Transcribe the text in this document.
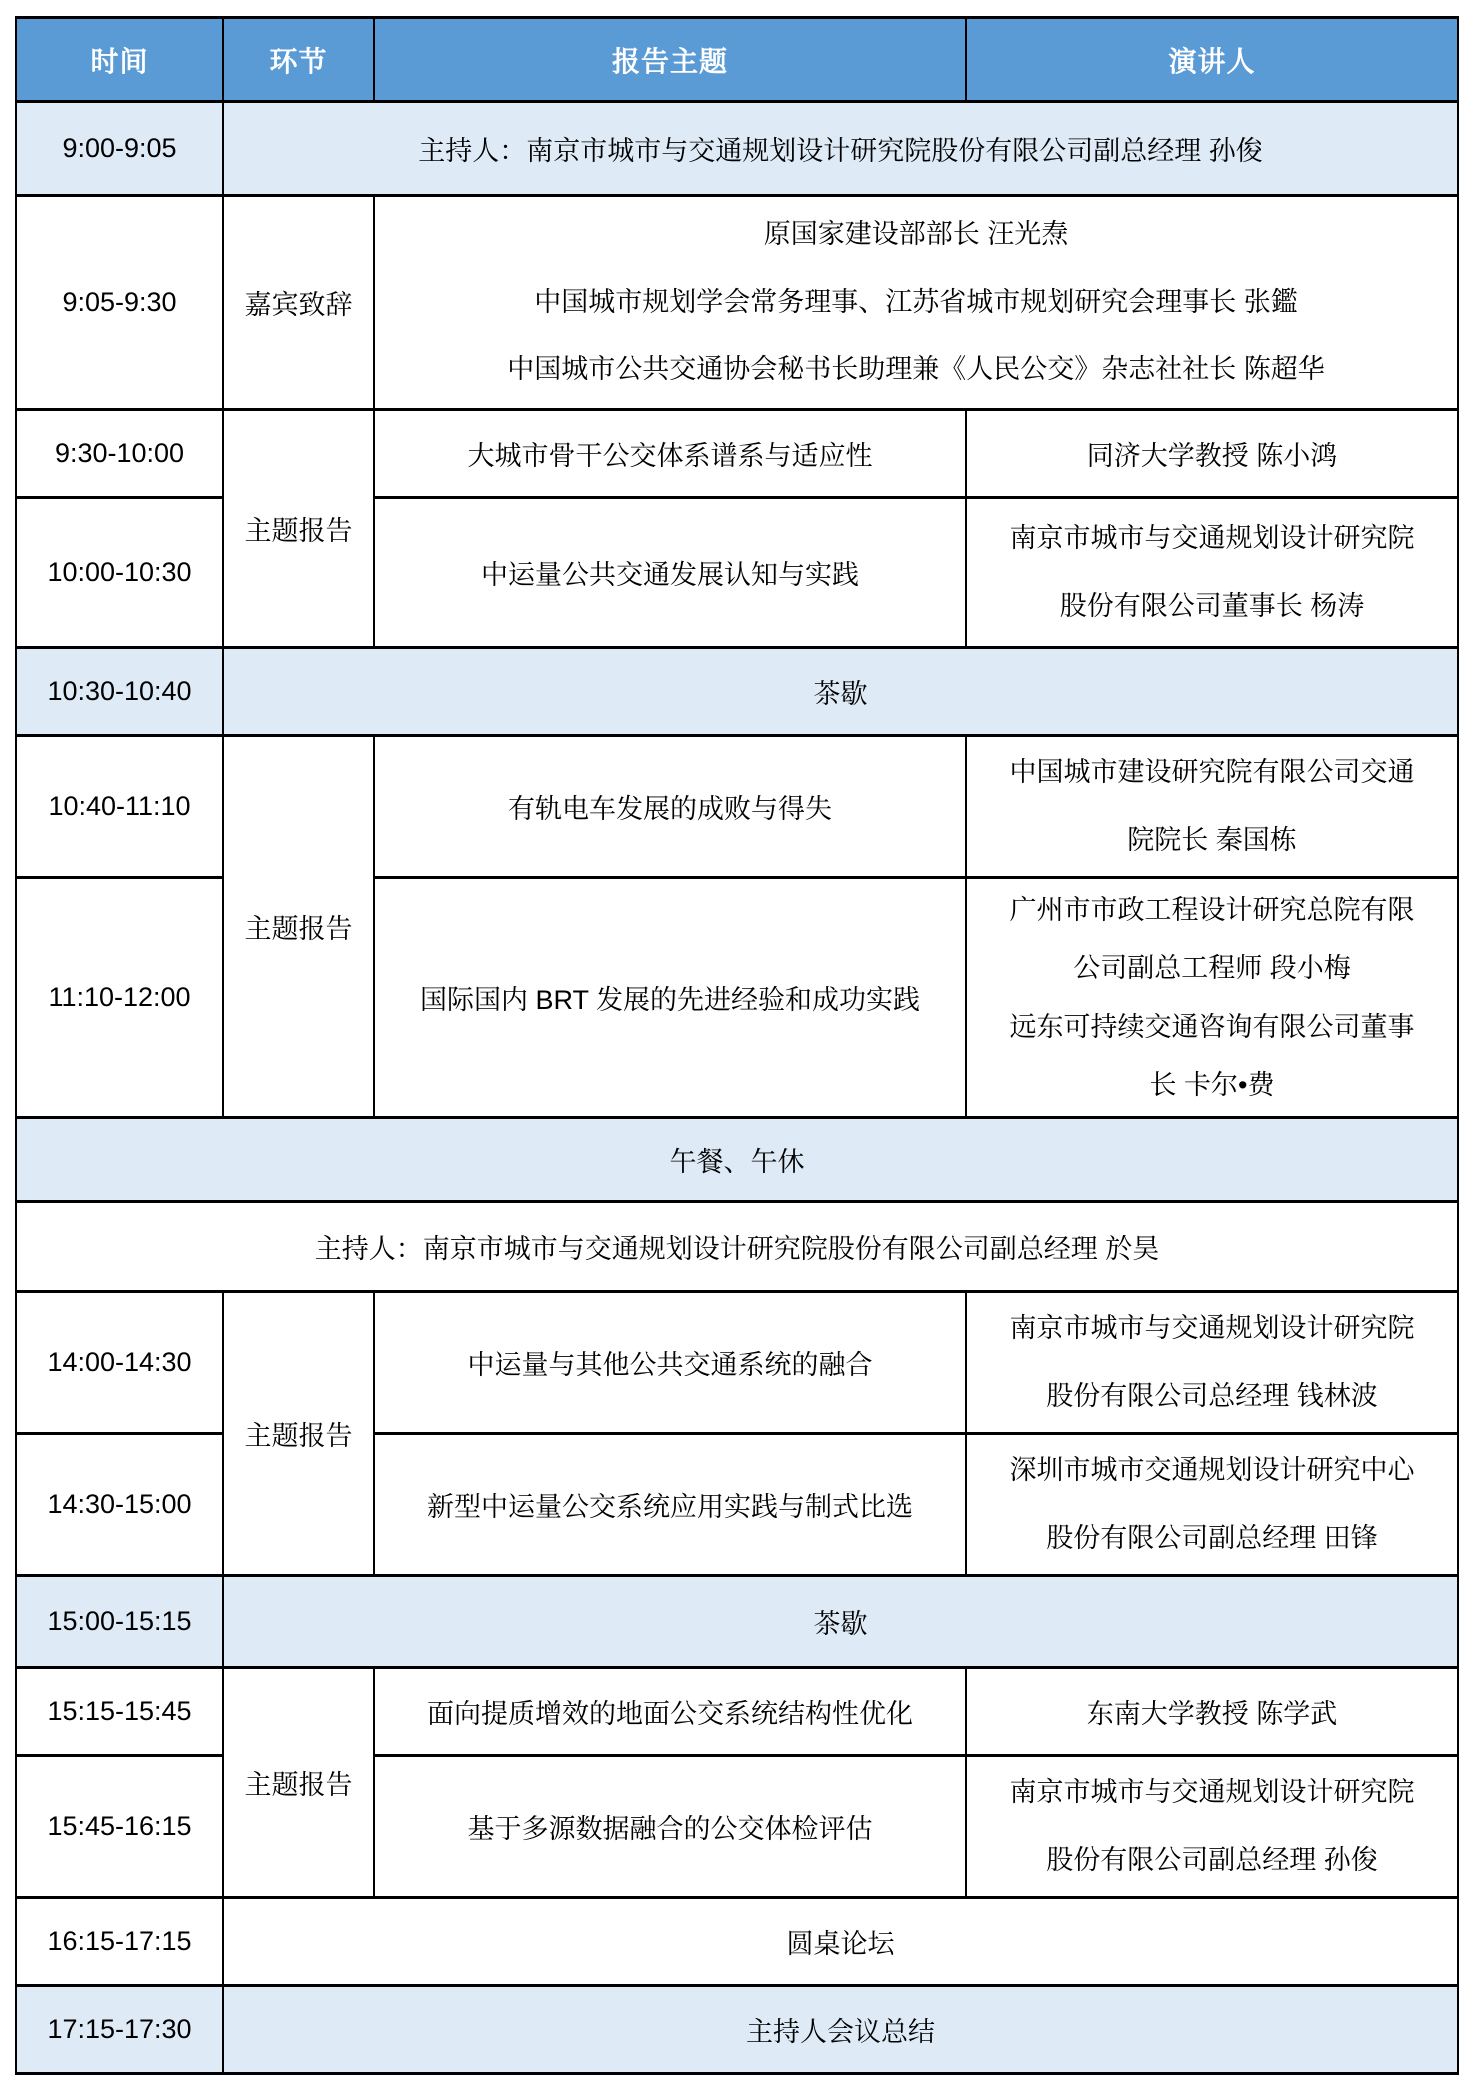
时间	环节	报告主题	演讲人
9:00-9:05	主持人：南京市城市与交通规划设计研究院股份有限公司副总经理 孙俊		
9:05-9:30	嘉宾致辞	原国家建设部部长 汪光焘
中国城市规划学会常务理事、江苏省城市规划研究会理事长 张鑑
中国城市公共交通协会秘书长助理兼《人民公交》杂志社社长 陈超华	

9:30-10:00	主题报告	大城市骨干公交体系谱系与适应性	同济大学教授 陈小鸿
10:00-10:30		中运量公共交通发展认知与实践	南京市城市与交通规划设计研究院
股份有限公司董事长 杨涛

10:30-10:40	茶歇		
10:40-11:10	主题报告	有轨电车发展的成败与得失	中国城市建设研究院有限公司交通
院院长 秦国栋

11:10-12:00		国际国内 BRT 发展的先进经验和成功实践	广州市市政工程设计研究总院有限
公司副总工程师 段小梅
远东可持续交通咨询有限公司董事
长 卡尔•费

午餐、午休			
主持人：南京市城市与交通规划设计研究院股份有限公司副总经理 於昊			
14:00-14:30	主题报告	中运量与其他公共交通系统的融合	南京市城市与交通规划设计研究院
股份有限公司总经理 钱林波

14:30-15:00		新型中运量公交系统应用实践与制式比选	深圳市城市交通规划设计研究中心
股份有限公司副总经理 田锋

15:00-15:15	茶歇		
15:15-15:45	主题报告	面向提质增效的地面公交系统结构性优化	东南大学教授 陈学武
15:45-16:15		基于多源数据融合的公交体检评估	南京市城市与交通规划设计研究院
股份有限公司副总经理 孙俊

16:15-17:15	圆桌论坛		
17:15-17:30	主持人会议总结		
